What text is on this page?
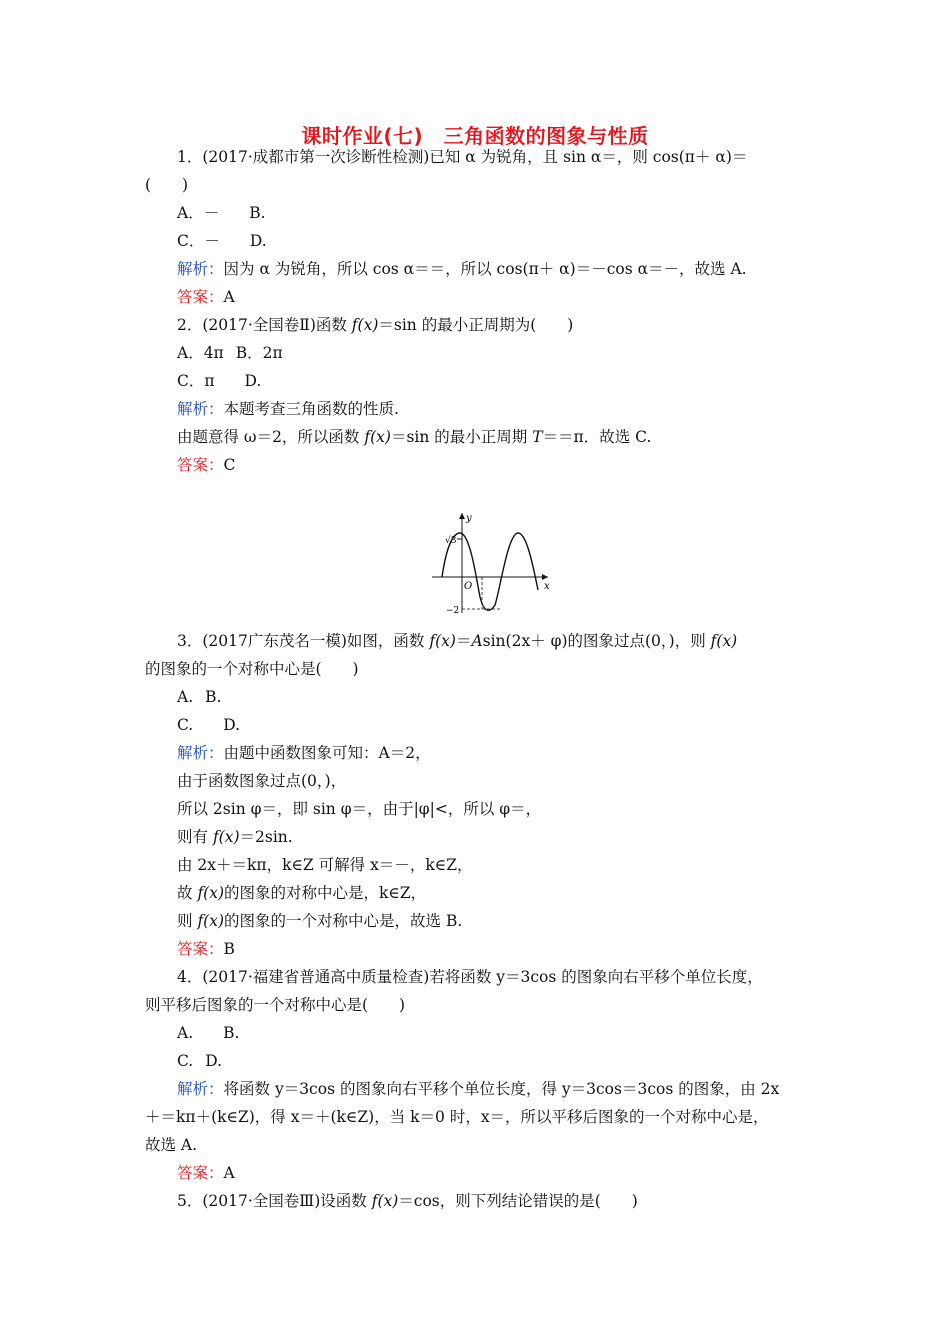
课时作业(七)　三角函数的图象与性质
1．(2017·成都市第一次诊断性检测)已知 α 为锐角，且 sin α＝，则 cos(π＋ α)＝
(　　)
A．－ B.
C．－ D.
解析：因为 α 为锐角，所以 cos α＝＝，所以 cos(π＋ α)＝－cos α＝－，故选 A.
答案：A
2．(2017·全国卷Ⅱ)函数 f(x)＝sin 的最小正周期为(　　)
A．4π B．2π
C．π D.
解析：本题考查三角函数的性质.
由题意得 ω＝2，所以函数 f(x)＝sin 的最小正周期 T＝＝π．故选 C.
答案：C
y
x
O
√3
−2
3．(2017广东茂名一模)如图，函数 f(x)＝Asin(2x＋ φ)的图象过点(0，)，则 f(x)
的图象的一个对称中心是(　　)
A. B.
C. D.
解析：由题中函数图象可知：A＝2，
由于函数图象过点(0，)，
所以 2sin φ＝，即 sin φ＝，由于|φ|<，所以 φ＝，
则有 f(x)＝2sin.
由 2x＋＝kπ，k∈Z 可解得 x＝－，k∈Z，
故 f(x)的图象的对称中心是，k∈Z，
则 f(x)的图象的一个对称中心是，故选 B.
答案：B
4．(2017·福建省普通高中质量检查)若将函数 y＝3cos 的图象向右平移个单位长度，
则平移后图象的一个对称中心是(　　)
A. B.
C. D.
解析：将函数 y＝3cos 的图象向右平移个单位长度，得 y＝3cos＝3cos 的图象，由 2x
＋＝kπ＋(k∈Z)，得 x＝＋(k∈Z)，当 k＝0 时，x＝，所以平移后图象的一个对称中心是，
故选 A.
答案：A
5．(2017·全国卷Ⅲ)设函数 f(x)＝cos，则下列结论错误的是(　　)
